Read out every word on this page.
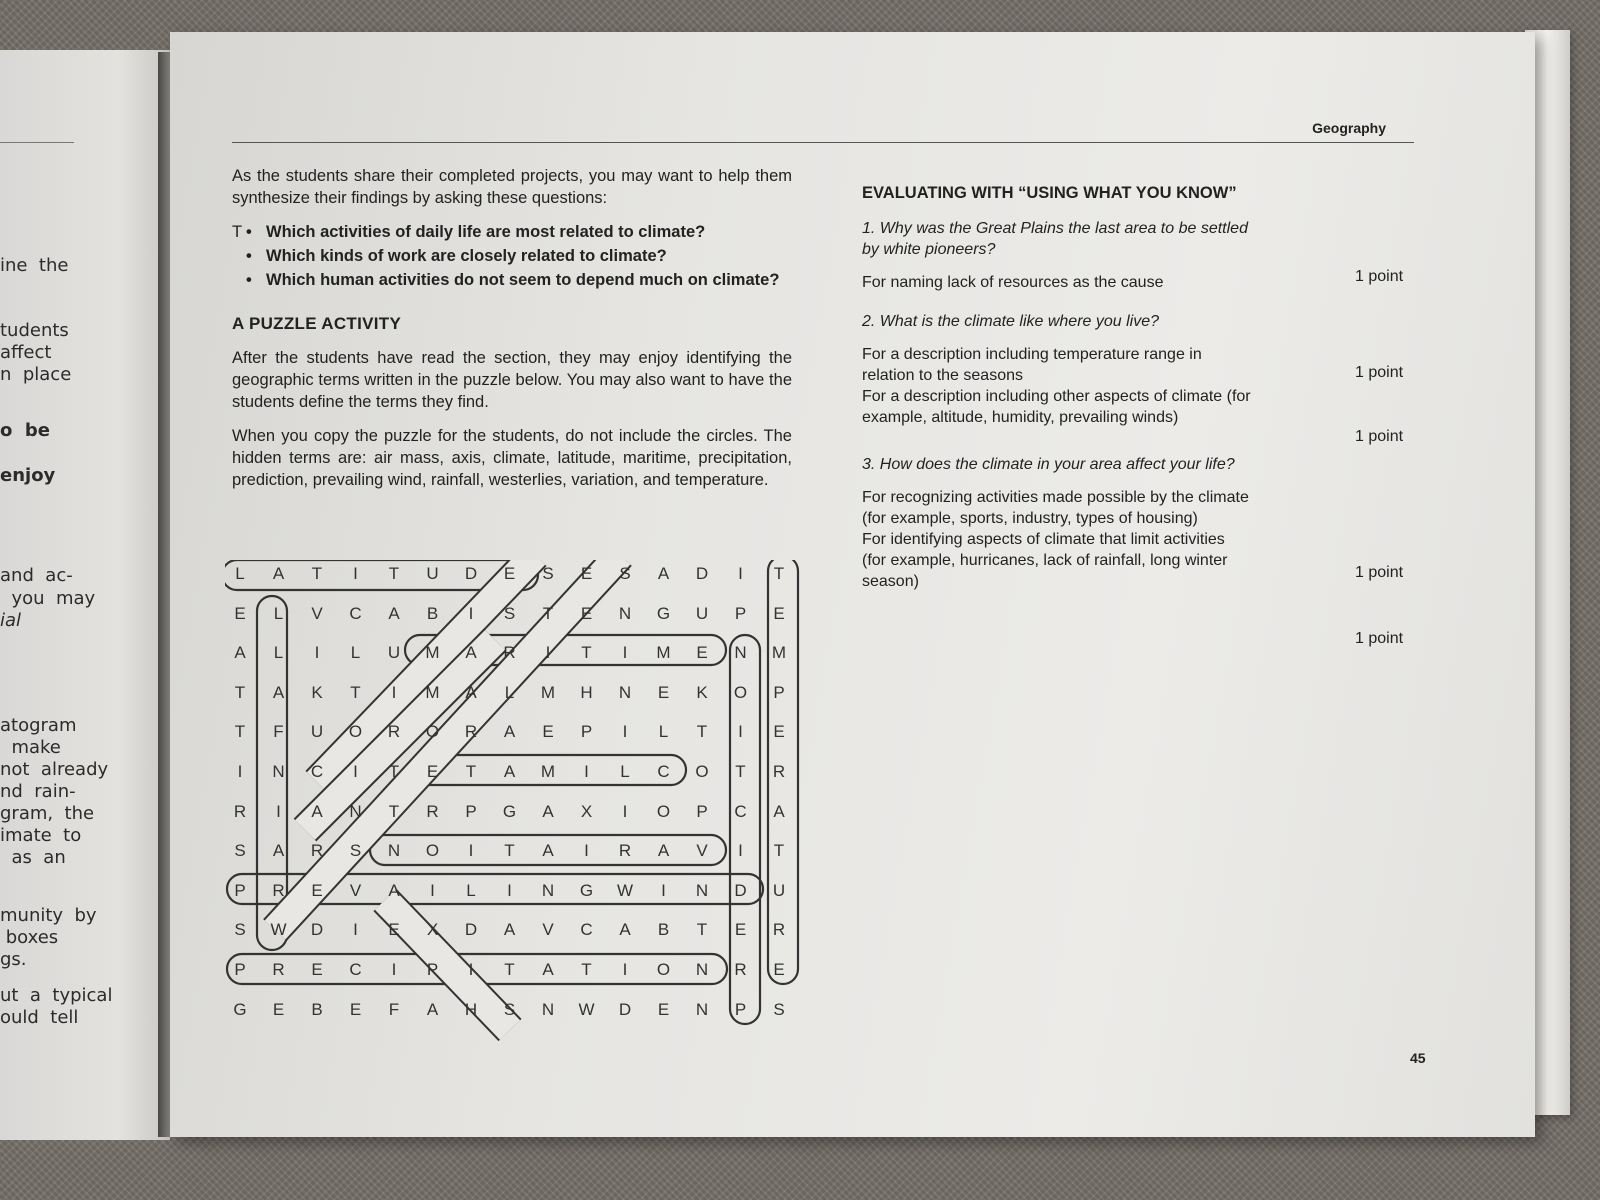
ine  the
tudents
affect
n  place
o  be
enjoy
and  ac-
you  may
ial
atogram
make
not  already
nd  rain-
gram,  the
imate  to
as  an
munity  by
boxes
gs.
ut  a  typical
ould  tell
Geography

As the students share their completed projects, you may want to help them synthesize their findings by asking these questions:

T
•	Which activities of daily life are most related to climate?
• Which kinds of work are closely related to climate?
• Which human activities do not seem to depend much on climate?
A PUZZLE ACTIVITY

After the students have read the section, they may enjoy identifying the geographic terms written in the puzzle below. You may also want to have the students define the terms they find.

When you copy the puzzle for the students, do not include the circles. The hidden terms are: air mass, axis, climate, latitude, maritime, precipitation, prediction, prevailing wind, rainfall, westerlies, variation, and temperature.

L	A	T	I	T	U	D	E	S	E	S	A	D	I	T
E	L	V	C	A	B	I	S	T	E	N	G	U	P	E
A	L	I	L	U	M	A	R	I	T	I	M	E	N	M
T	A	K	T	I	M	A	L	M	H	N	E	K	O	P
T	F	U	O	R	O	R	A	E	P	I	L	T	I	E
I	N	C	I	T	E	T	A	M	I	L	C	O	T	R
R	I	A	N	T	R	P	G	A	X	I	O	P	C	A
S	A	R	S	N	O	I	T	A	I	R	A	V	I	T
P	R	E	V	A	I	L	I	N	G	W	I	N	D	U
S	W	D	I	E	X	D	A	V	C	A	B	T	E	R
P	R	E	C	I	P	I	T	A	T	I	O	N	R	E
G	E	B	E	F	A	H	S	N	W	D	E	N	P	S
EVALUATING WITH “USING WHAT YOU KNOW”

1. Why was the Great Plains the last area to be settled by white pioneers?

For naming lack of resources as the cause

2. What is the climate like where you live?

For a description including temperature range in relation to the seasons

For a description including other aspects of climate (for example, altitude, humidity, prevailing winds)

3. How does the climate in your area affect your life?

For recognizing activities made possible by the climate (for example, sports, industry, types of housing)

For identifying aspects of climate that limit activities (for example, hurricanes, lack of rainfall, long winter season)

1 point
1 point
1 point
1 point
1 point
45
